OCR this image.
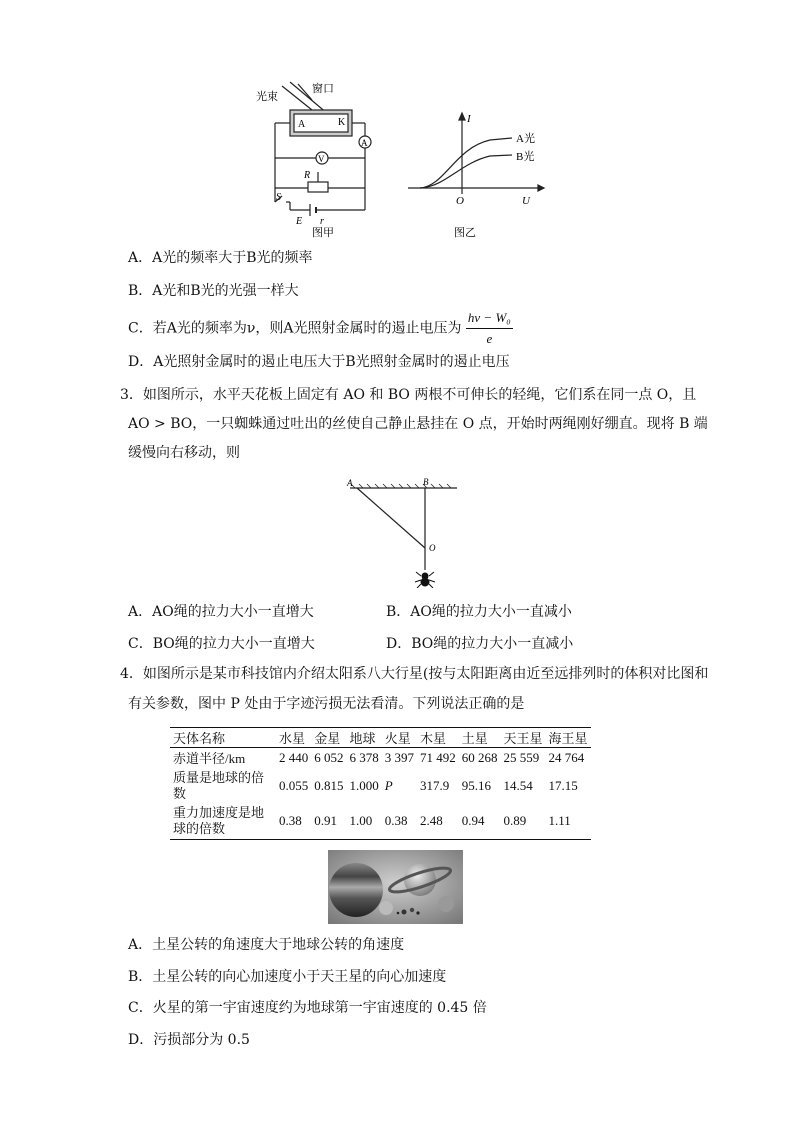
光束
窗口
A	K
A
V
R
S
E r
图甲
I
U
O
A光
B光
图乙
A．A光的频率大于B光的频率
B．A光和B光的光强一样大
C．若A光的频率为ν，则A光照射金属时的遏止电压为 $\frac{\text{hν − W₀}}{e}$
D．A光照射金属时的遏止电压大于B光照射金属时的遏止电压
3．如图所示，水平天花板上固定有 AO 和 BO 两根不可伸长的轻绳，它们系在同一点 O，且
AO > BO，一只蜘蛛通过吐出的丝使自己静止悬挂在 O 点，开始时两绳刚好绷直。现将 B 端
缓慢向右移动，则
A	B
O
A．AO绳的拉力大小一直增大	B．AO绳的拉力大小一直减小
C．BO绳的拉力大小一直增大	D．BO绳的拉力大小一直减小
4．如图所示是某市科技馆内介绍太阳系八大行星(按与太阳距离由近至远排列时的体积对比图和
有关参数，图中 P 处由于字迹污损无法看清。下列说法正确的是
天体名称	水星	金星	地球	火星	木星	土星	天王星	海王星
赤道半径/km	2 440	6 052	6 378	3 397	71 492	60 268	25 559	24 764
质量是地球的倍数	0.055	0.815	1.000	P	317.9	95.16	14.54	17.15
重力加速度是地球的倍数	0.38	0.91	1.00	0.38	2.48	0.94	0.89	1.11
A．土星公转的角速度大于地球公转的角速度
B．土星公转的向心加速度小于天王星的向心加速度
C．火星的第一宇宙速度约为地球第一宇宙速度的 0.45 倍
D．污损部分为 0.5
